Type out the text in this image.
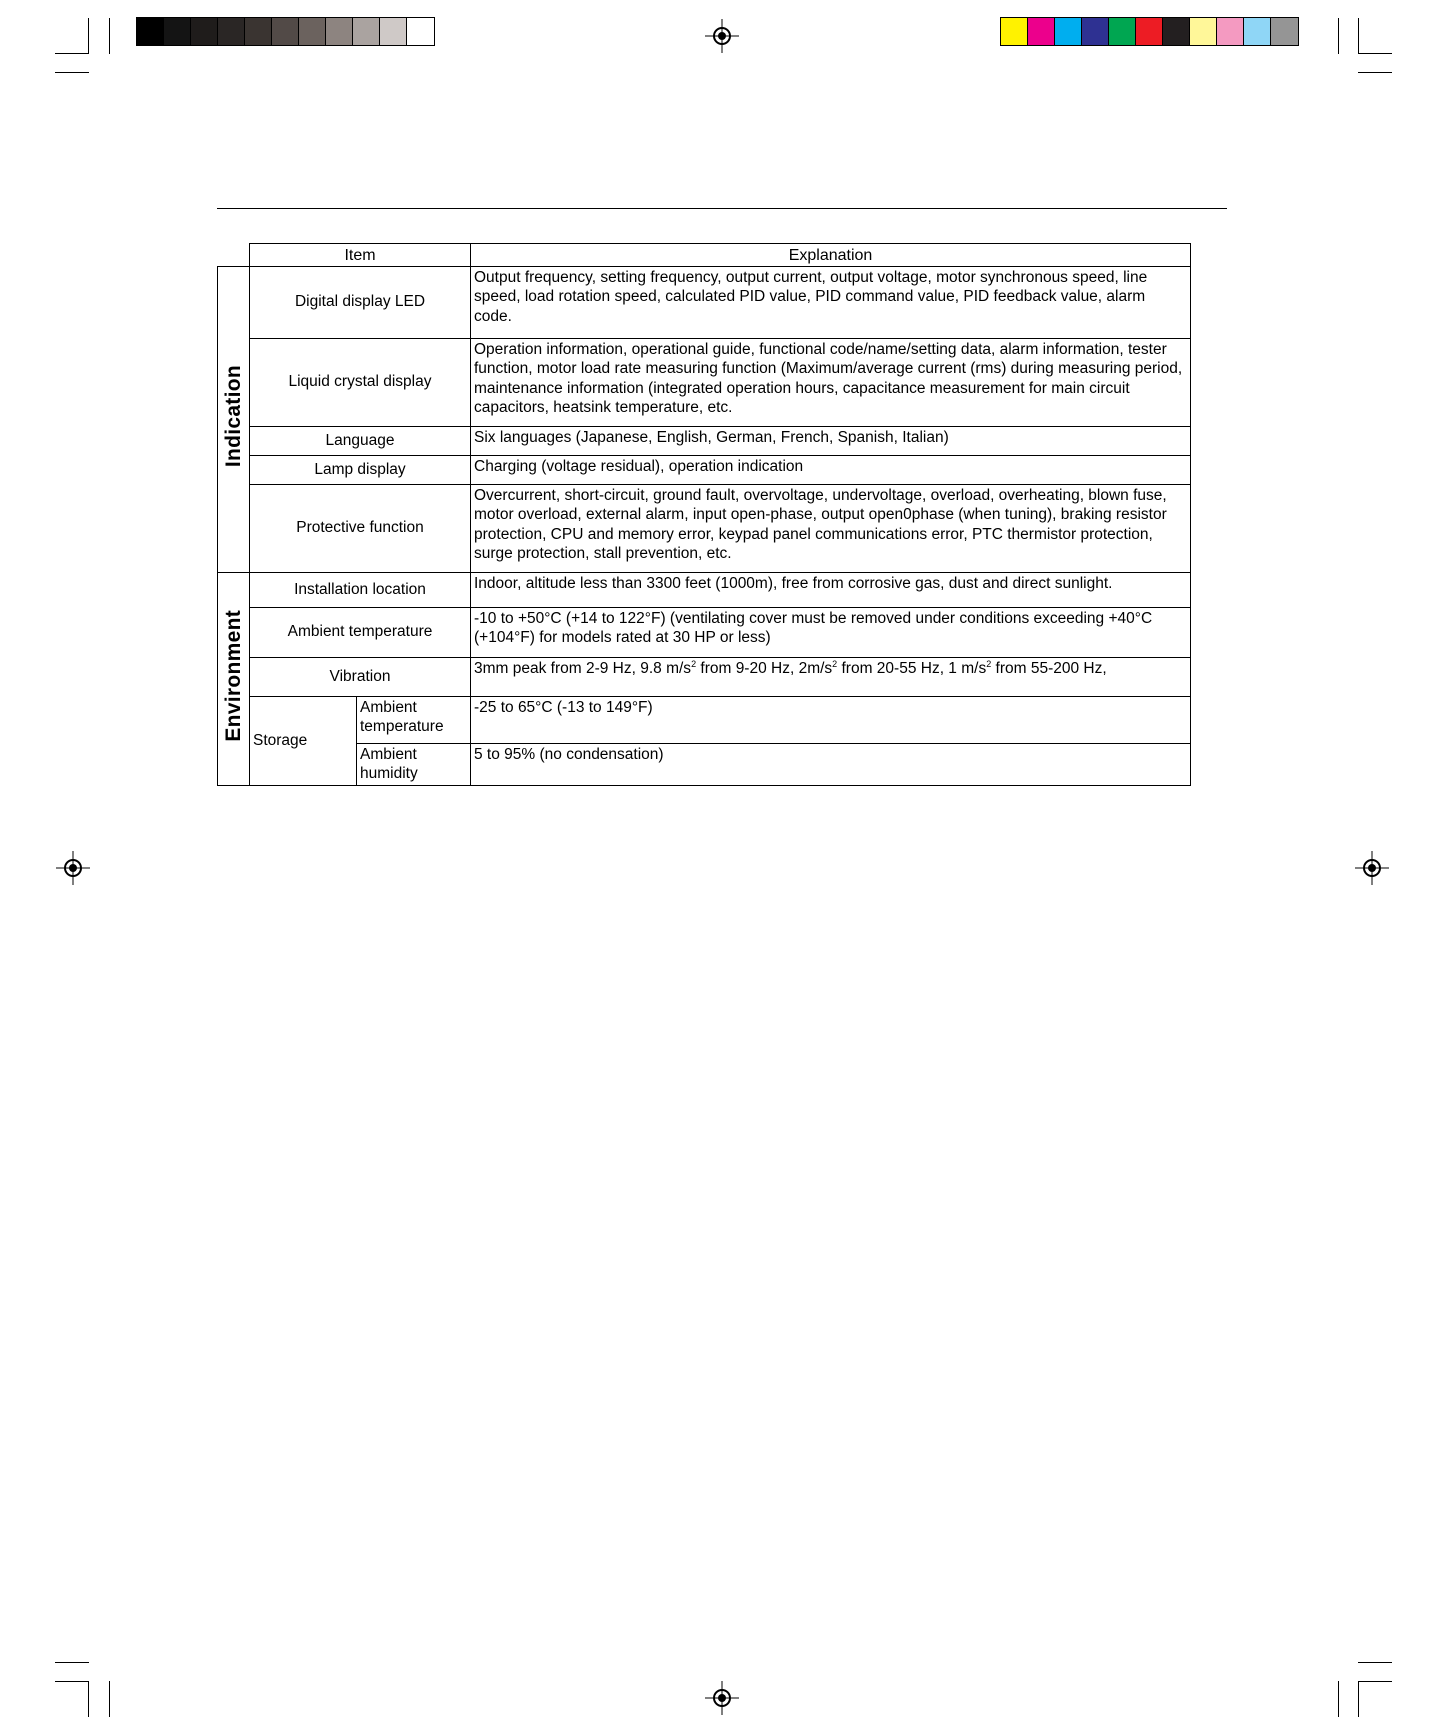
	Item		Explanation
Indication	Digital display LED		Output frequency, setting frequency, output current, output voltage, motor synchronous speed, line speed, load rotation speed, calculated PID value, PID command value, PID feedback value, alarm code.
	Liquid crystal display		Operation information, operational guide, functional code/name/setting data, alarm information, tester function, motor load rate measuring function (Maximum/average current (rms) during measuring period, maintenance information (integrated operation hours, capacitance measurement for main circuit capacitors, heatsink temperature, etc.
	Language		Six languages (Japanese, English, German, French, Spanish, Italian)
	Lamp display		Charging (voltage residual), operation indication
	Protective function		Overcurrent, short-circuit, ground fault, overvoltage, undervoltage, overload, overheating, blown fuse, motor overload, external alarm, input open-phase, output open0phase (when tuning), braking resistor protection, CPU and memory error, keypad panel communications error, PTC thermistor protection, surge protection, stall prevention, etc.
Environment	Installation location		Indoor, altitude less than 3300 feet (1000m), free from corrosive gas, dust and direct sunlight.
	Ambient temperature		-10 to +50°C (+14 to 122°F) (ventilating cover must be removed under conditions exceeding +40°C (+104°F) for models rated at 30 HP or less)
	Vibration		3mm peak from 2-9 Hz, 9.8 $m/s^2$ from 9-20 Hz, $2m/s^2$ from 20-55 Hz, 1 $m/s^2$ from 55-200 Hz,
	Storage	Ambient temperature	-25 to 65°C (-13 to 149°F)
		Ambient humidity	5 to 95% (no condensation)
